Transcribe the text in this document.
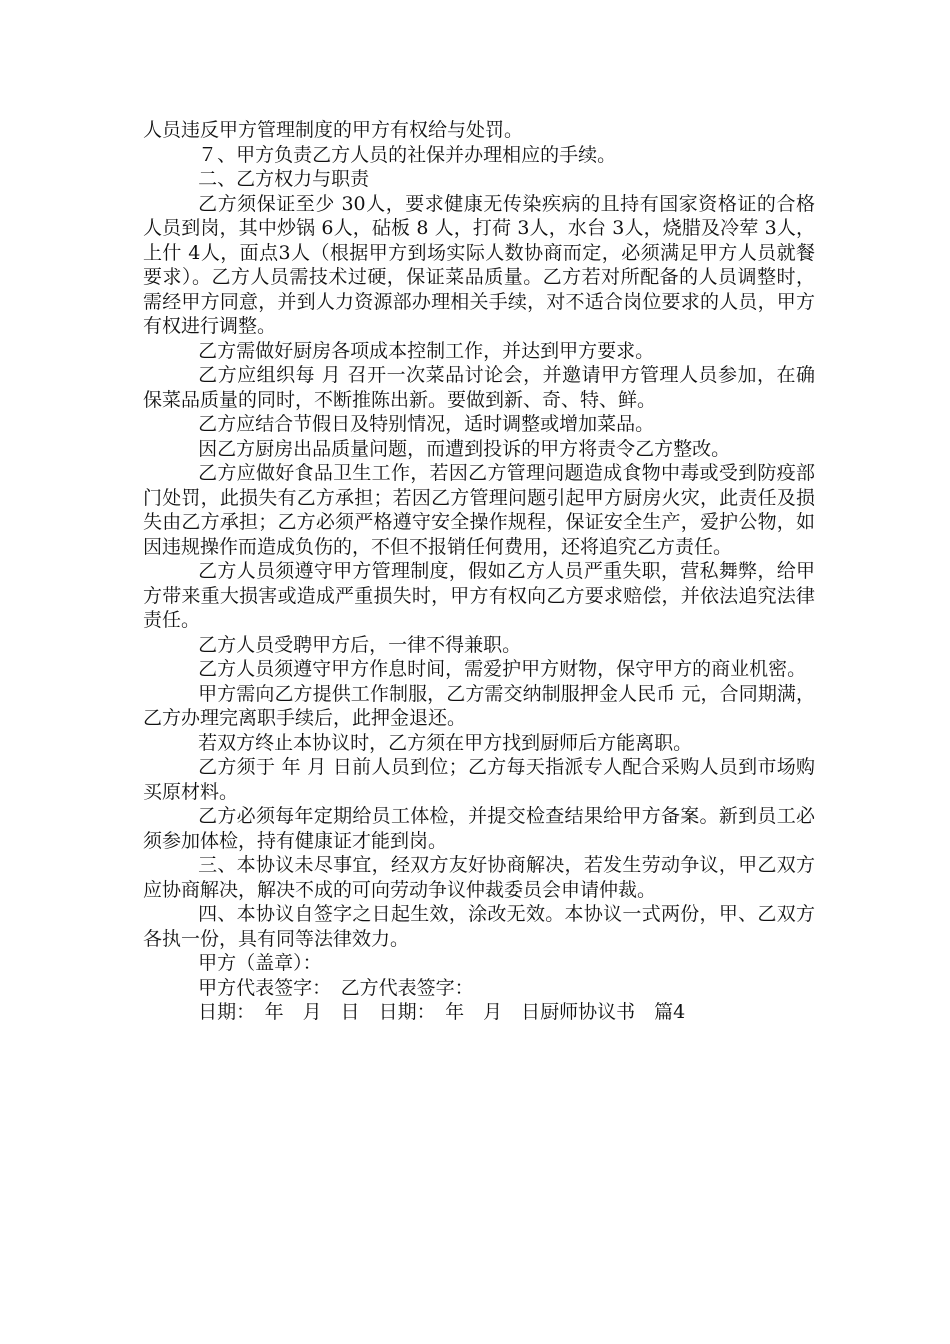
人员违反甲方管理制度的甲方有权给与处罚。

７、甲方负责乙方人员的社保并办理相应的手续。

二、乙方权力与职责

乙方须保证至少 30人，要求健康无传染疾病的且持有国家资格证的合格人员到岗，其中炒锅 6人，砧板 8 人，打荷 3人，水台 3人，烧腊及冷荤 3人，上什 4人，面点3人（根据甲方到场实际人数协商而定，必须满足甲方人员就餐要求）。乙方人员需技术过硬，保证菜品质量。乙方若对所配备的人员调整时，需经甲方同意，并到人力资源部办理相关手续，对不适合岗位要求的人员，甲方有权进行调整。

乙方需做好厨房各项成本控制工作，并达到甲方要求。

乙方应组织每 月 召开一次菜品讨论会，并邀请甲方管理人员参加，在确保菜品质量的同时，不断推陈出新。要做到新、奇、特、鲜。

乙方应结合节假日及特别情况，适时调整或增加菜品。

因乙方厨房出品质量问题，而遭到投诉的甲方将责令乙方整改。

乙方应做好食品卫生工作，若因乙方管理问题造成食物中毒或受到防疫部门处罚，此损失有乙方承担；若因乙方管理问题引起甲方厨房火灾，此责任及损失由乙方承担；乙方必须严格遵守安全操作规程，保证安全生产，爱护公物，如因违规操作而造成负伤的，不但不报销任何费用，还将追究乙方责任。

乙方人员须遵守甲方管理制度，假如乙方人员严重失职，营私舞弊，给甲方带来重大损害或造成严重损失时，甲方有权向乙方要求赔偿，并依法追究法律责任。

乙方人员受聘甲方后，一律不得兼职。

乙方人员须遵守甲方作息时间，需爱护甲方财物，保守甲方的商业机密。

甲方需向乙方提供工作制服，乙方需交纳制服押金人民币 元，合同期满，乙方办理完离职手续后，此押金退还。

若双方终止本协议时，乙方须在甲方找到厨师后方能离职。

乙方须于 年 月 日前人员到位；乙方每天指派专人配合采购人员到市场购买原材料。

乙方必须每年定期给员工体检，并提交检查结果给甲方备案。新到员工必须参加体检，持有健康证才能到岗。

三、本协议未尽事宜，经双方友好协商解决，若发生劳动争议，甲乙双方应协商解决，解决不成的可向劳动争议仲裁委员会申请仲裁。

四、本协议自签字之日起生效，涂改无效。本协议一式两份，甲、乙双方各执一份，具有同等法律效力。

甲方（盖章）：

甲方代表签字：　乙方代表签字：

日期：　年　月　日　日期：　年　月　日厨师协议书　篇4
